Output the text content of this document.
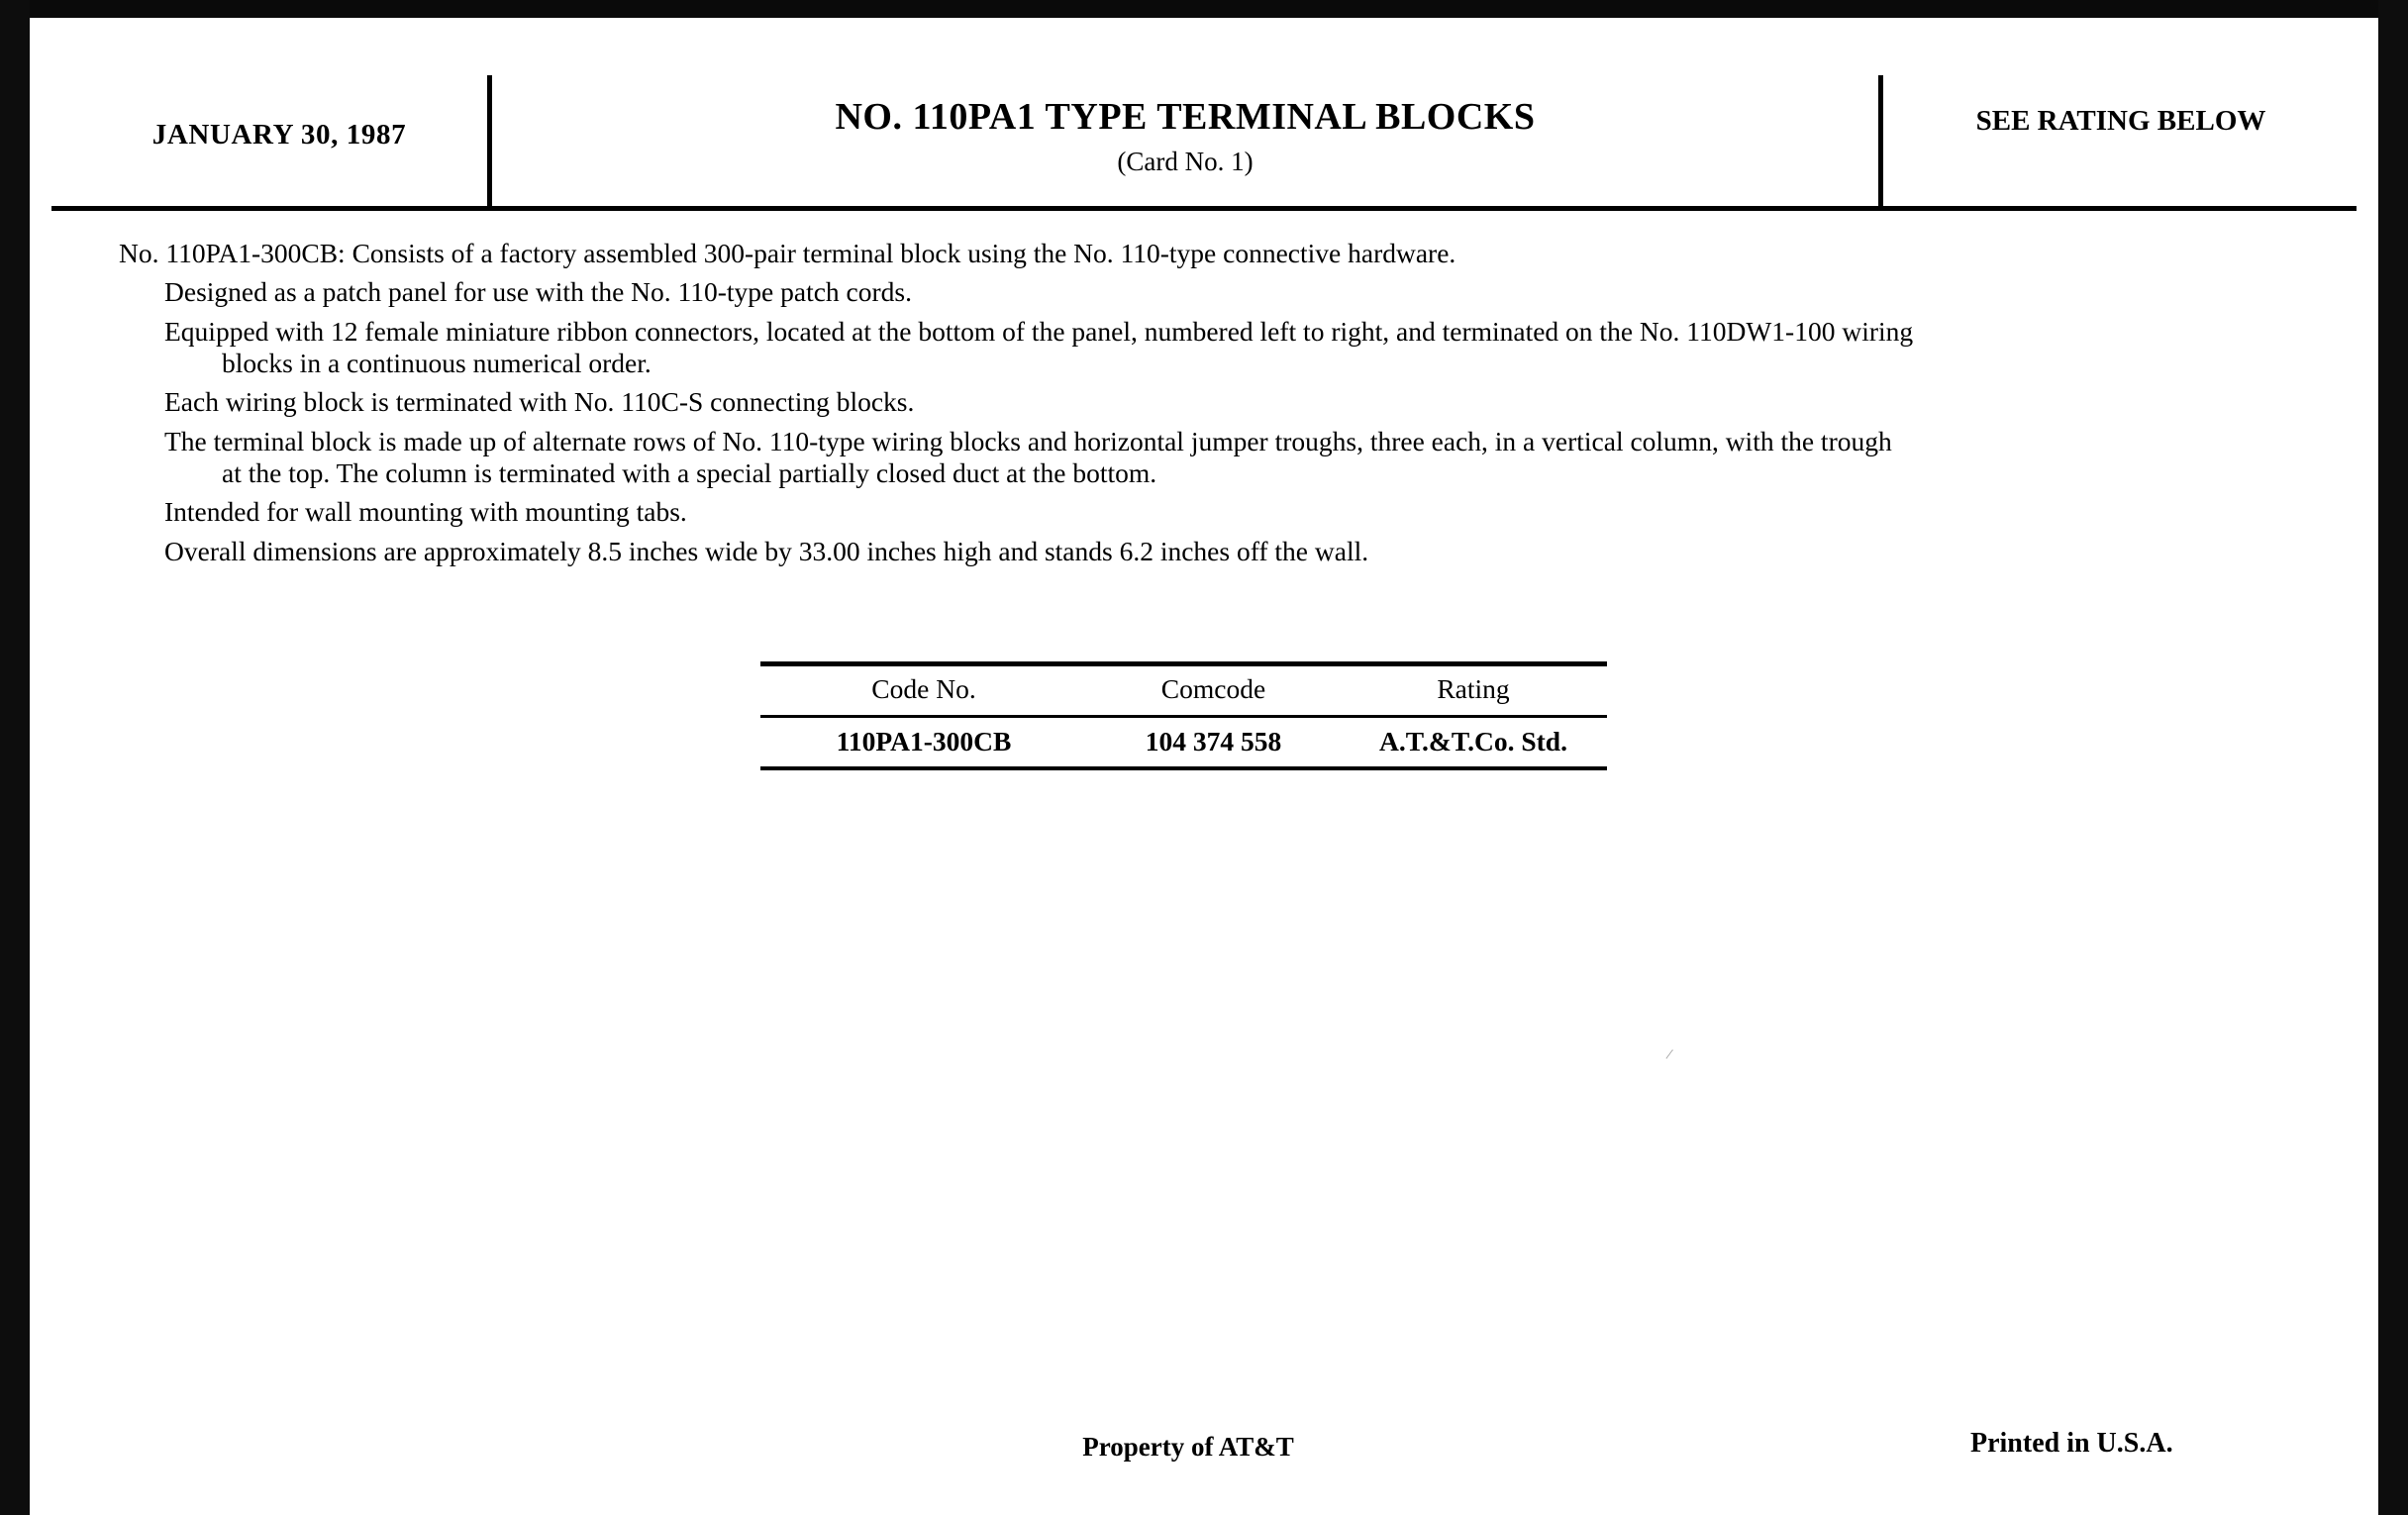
JANUARY 30, 1987	NO. 110PA1 TYPE TERMINAL BLOCKS
(Card No. 1)
SEE RATING BELOW

No. 110PA1-300CB: Consists of a factory assembled 300-pair terminal block using the No. 110-type connective hardware.

Designed as a patch panel for use with the No. 110-type patch cords.

Equipped with 12 female miniature ribbon connectors, located at the bottom of the panel, numbered left to right, and terminated on the No. 110DW1-100 wiring
blocks in a continuous numerical order.

Each wiring block is terminated with No. 110C-S connecting blocks.

The terminal block is made up of alternate rows of No. 110-type wiring blocks and horizontal jumper troughs, three each, in a vertical column, with the trough
at the top. The column is terminated with a special partially closed duct at the bottom.

Intended for wall mounting with mounting tabs.

Overall dimensions are approximately 8.5 inches wide by 33.00 inches high and stands 6.2 inches off the wall.

Code No.	Comcode	Rating
110PA1-300CB	104 374 558	A.T.&T.Co. Std.
⁄
Property of AT&T	Printed in U.S.A.
